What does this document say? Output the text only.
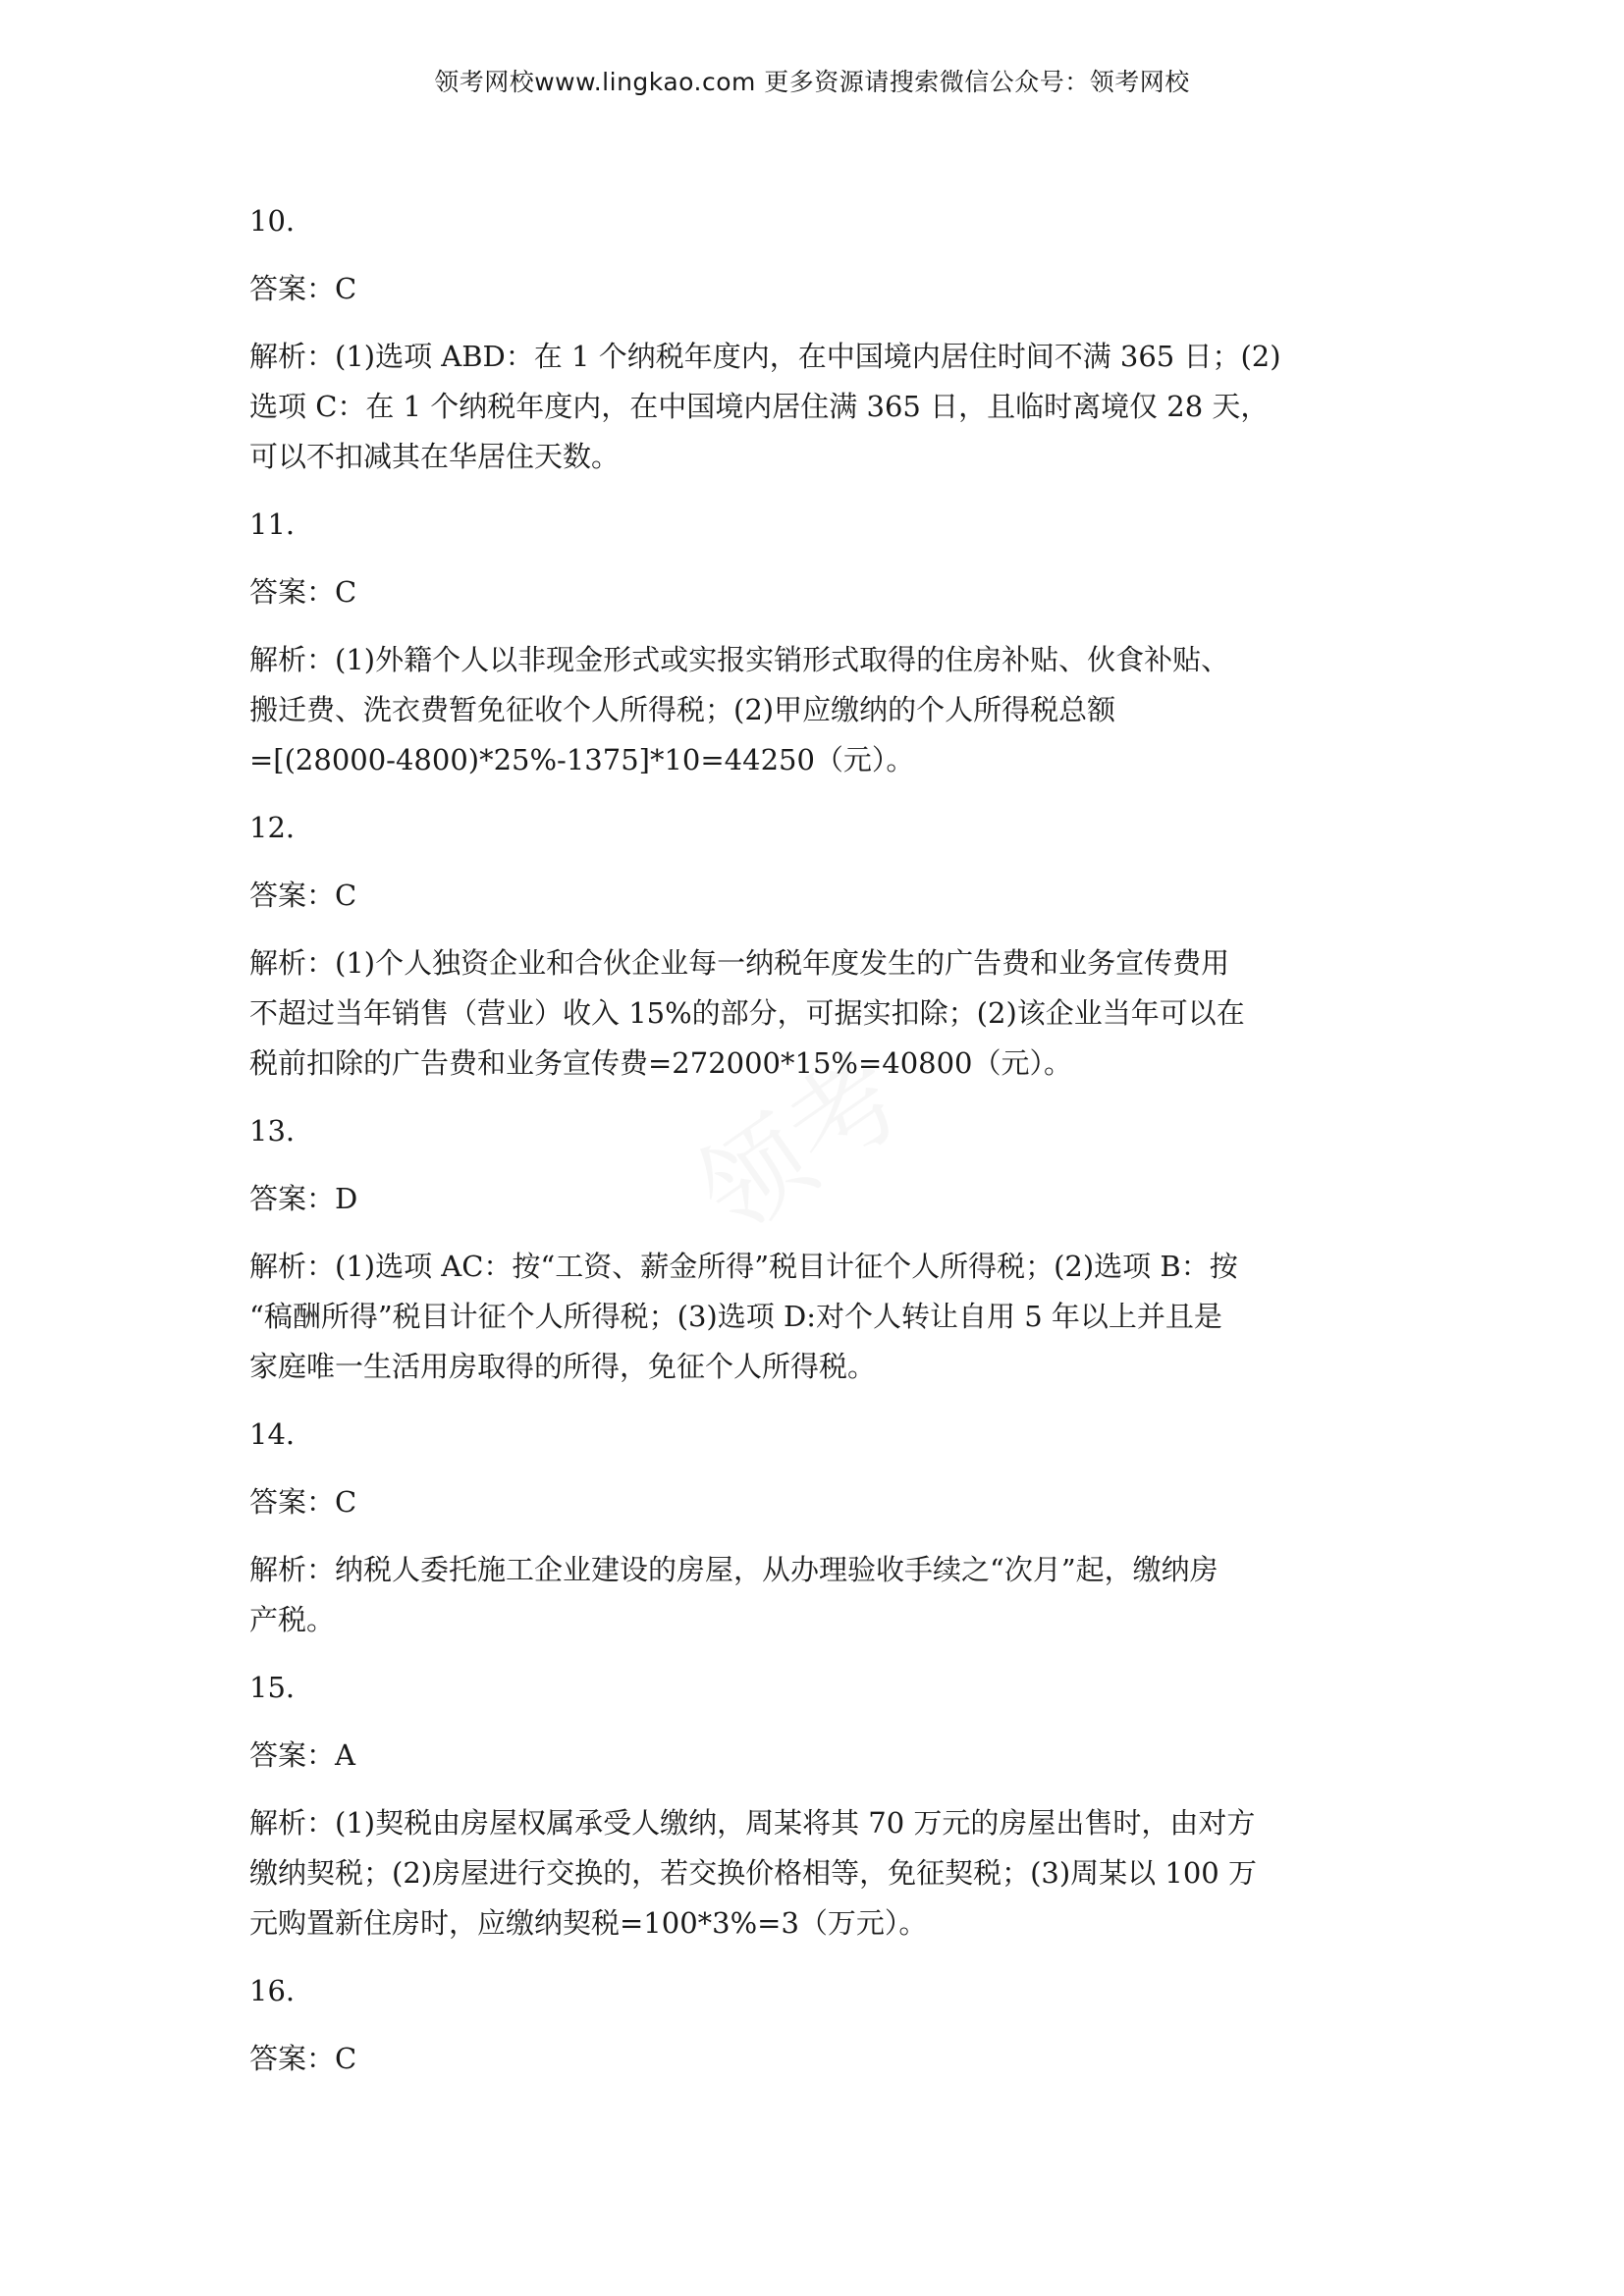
领考网校www.lingkao.com 更多资源请搜索微信公众号：领考网校
10.
答案：C
解析：(1)选项 ABD：在 1 个纳税年度内，在中国境内居住时间不满 365 日；(2)
选项 C：在 1 个纳税年度内，在中国境内居住满 365 日，且临时离境仅 28 天，
可以不扣减其在华居住天数。
11.
答案：C
解析：(1)外籍个人以非现金形式或实报实销形式取得的住房补贴、伙食补贴、
搬迁费、洗衣费暂免征收个人所得税；(2)甲应缴纳的个人所得税总额
=[(28000-4800)*25%-1375]*10=44250（元）。
12.
答案：C
解析：(1)个人独资企业和合伙企业每一纳税年度发生的广告费和业务宣传费用
不超过当年销售（营业）收入 15%的部分，可据实扣除；(2)该企业当年可以在
税前扣除的广告费和业务宣传费=272000*15%=40800（元）。
13.
答案：D
解析：(1)选项 AC：按“工资、薪金所得”税目计征个人所得税；(2)选项 B：按
“稿酬所得”税目计征个人所得税；(3)选项 D:对个人转让自用 5 年以上并且是
家庭唯一生活用房取得的所得，免征个人所得税。
14.
答案：C
解析：纳税人委托施工企业建设的房屋，从办理验收手续之“次月”起，缴纳房
产税。
15.
答案：A
解析：(1)契税由房屋权属承受人缴纳，周某将其 70 万元的房屋出售时，由对方
缴纳契税；(2)房屋进行交换的，若交换价格相等，免征契税；(3)周某以 100 万
元购置新住房时，应缴纳契税=100*3%=3（万元）。
16.
答案：C
